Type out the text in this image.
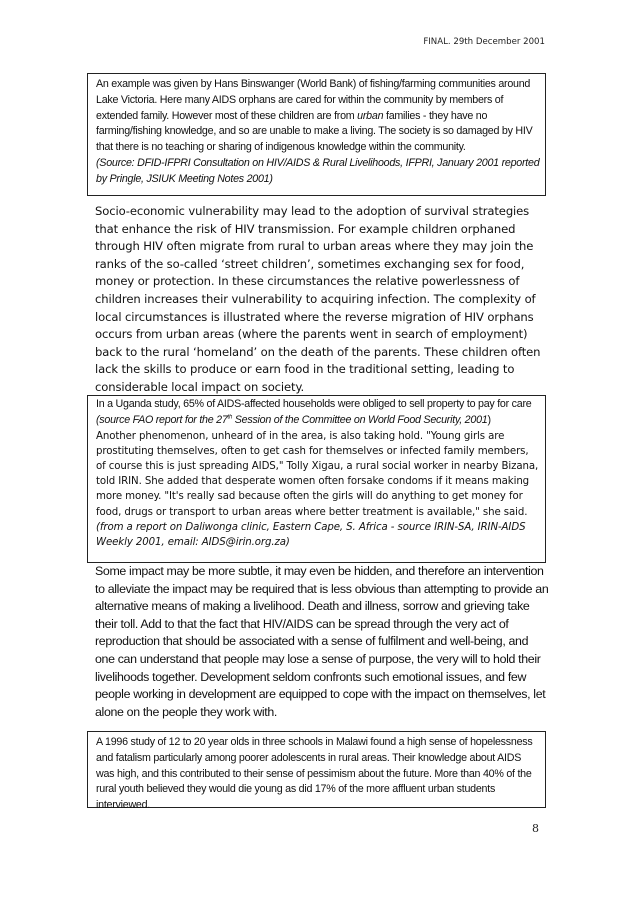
FINAL. 29th December 2001

An example was given by Hans Binswanger (World Bank) of fishing/farming communities around Lake Victoria. Here many AIDS orphans are cared for within the community by members of extended family. However most of these children are from urban families - they have no farming/fishing knowledge, and so are unable to make a living. The society is so damaged by HIV that there is no teaching or sharing of indigenous knowledge within the community.

(Source: DFID-IFPRI Consultation on HIV/AIDS & Rural Livelihoods, IFPRI, January 2001 reported by Pringle, JSIUK Meeting Notes 2001)

Socio-economic vulnerability may lead to the adoption of survival strategies that enhance the risk of HIV transmission. For example children orphaned through HIV often migrate from rural to urban areas where they may join the ranks of the so-called ‘street children’, sometimes exchanging sex for food, money or protection. In these circumstances the relative powerlessness of children increases their vulnerability to acquiring infection. The complexity of local circumstances is illustrated where the reverse migration of HIV orphans occurs from urban areas (where the parents went in search of employment) back to the rural ‘homeland’ on the death of the parents. These children often lack the skills to produce or earn food in the traditional setting, leading to considerable local impact on society.

In a Uganda study, 65% of AIDS-affected households were obliged to sell property to pay for care (source FAO report for the 27th Session of the Committee on World Food Security, 2001)

Another phenomenon, unheard of in the area, is also taking hold. "Young girls are prostituting themselves, often to get cash for themselves or infected family members, of course this is just spreading AIDS," Tolly Xigau, a rural social worker in nearby Bizana, told IRIN. She added that desperate women often forsake condoms if it means making more money. "It's really sad because often the girls will do anything to get money for food, drugs or transport to urban areas where better treatment is available," she said. (from a report on Daliwonga clinic, Eastern Cape, S. Africa - source IRIN-SA, IRIN-AIDS Weekly 2001, email: AIDS@irin.org.za)

Some impact may be more subtle, it may even be hidden, and therefore an intervention to alleviate the impact may be required that is less obvious than attempting to provide an alternative means of making a livelihood. Death and illness, sorrow and grieving take their toll. Add to that the fact that HIV/AIDS can be spread through the very act of reproduction that should be associated with a sense of fulfilment and well-being, and one can understand that people may lose a sense of purpose, the very will to hold their livelihoods together. Development seldom confronts such emotional issues, and few people working in development are equipped to cope with the impact on themselves, let alone on the people they work with.

A 1996 study of 12 to 20 year olds in three schools in Malawi found a high sense of hopelessness and fatalism particularly among poorer adolescents in rural areas. Their knowledge about AIDS was high, and this contributed to their sense of pessimism about the future. More than 40% of the rural youth believed they would die young as did 17% of the more affluent urban students interviewed.

8
